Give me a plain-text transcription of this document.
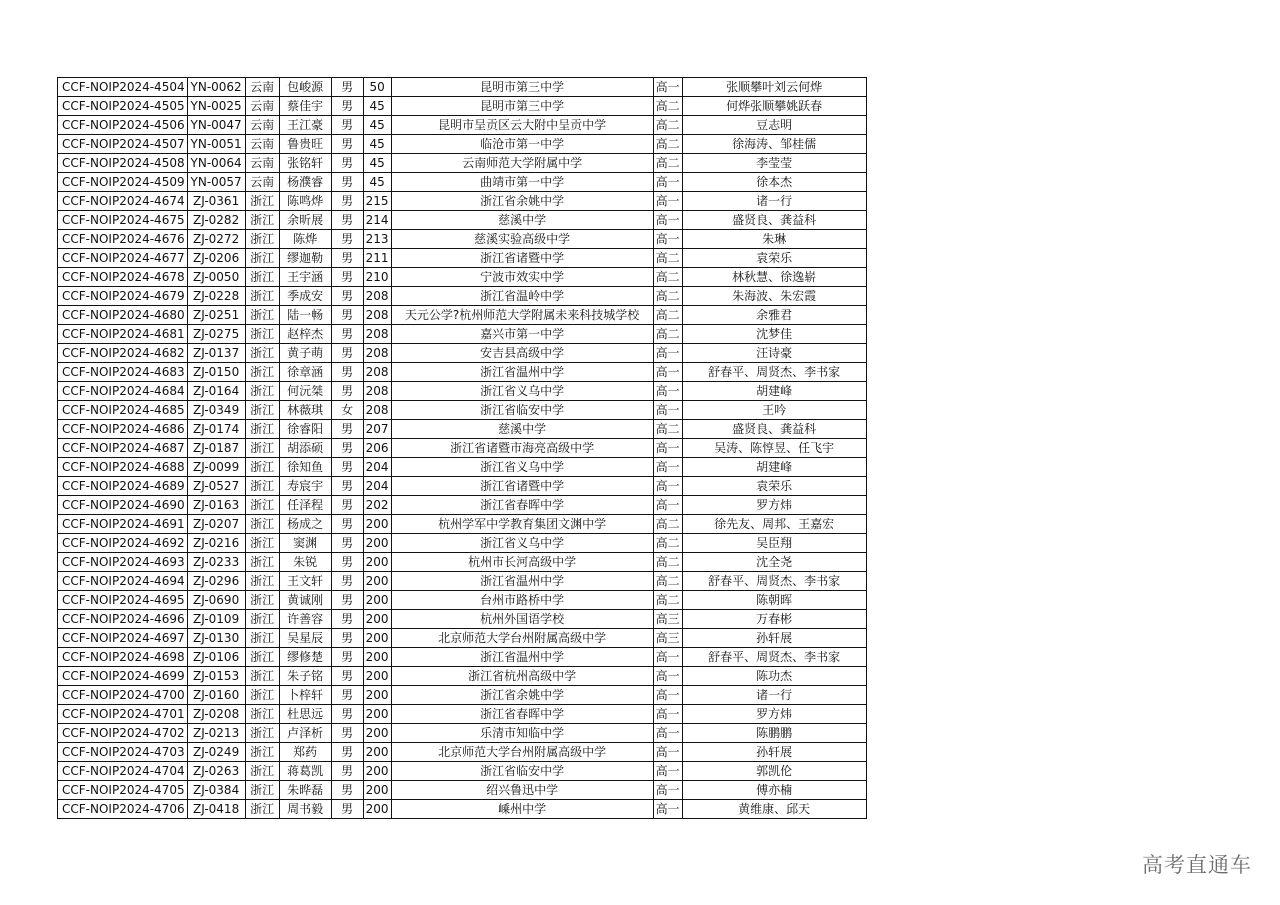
CCF-NOIP2024-4504	YN-0062	云南	包峻源	男	50	昆明市第三中学	高一	张顺攀叶刘云何烨
CCF-NOIP2024-4505	YN-0025	云南	蔡佳宇	男	45	昆明市第三中学	高二	何烨张顺攀姚跃春
CCF-NOIP2024-4506	YN-0047	云南	王江豪	男	45	昆明市呈贡区云大附中呈贡中学	高二	豆志明
CCF-NOIP2024-4507	YN-0051	云南	鲁贵旺	男	45	临沧市第一中学	高二	徐海涛、邹桂儒
CCF-NOIP2024-4508	YN-0064	云南	张铭轩	男	45	云南师范大学附属中学	高二	李莹莹
CCF-NOIP2024-4509	YN-0057	云南	杨濮睿	男	45	曲靖市第一中学	高一	徐本杰
CCF-NOIP2024-4674	ZJ-0361	浙江	陈鸣烨	男	215	浙江省余姚中学	高一	诸一行
CCF-NOIP2024-4675	ZJ-0282	浙江	余昕展	男	214	慈溪中学	高一	盛贤良、龚益科
CCF-NOIP2024-4676	ZJ-0272	浙江	陈烨	男	213	慈溪实验高级中学	高一	朱琳
CCF-NOIP2024-4677	ZJ-0206	浙江	缪迦勒	男	211	浙江省诸暨中学	高二	袁荣乐
CCF-NOIP2024-4678	ZJ-0050	浙江	王宇涵	男	210	宁波市效实中学	高二	林秋慧、徐逸崭
CCF-NOIP2024-4679	ZJ-0228	浙江	季成安	男	208	浙江省温岭中学	高二	朱海波、朱宏霞
CCF-NOIP2024-4680	ZJ-0251	浙江	陆一畅	男	208	天元公学?杭州师范大学附属未来科技城学校	高二	余雅君
CCF-NOIP2024-4681	ZJ-0275	浙江	赵梓杰	男	208	嘉兴市第一中学	高二	沈梦佳
CCF-NOIP2024-4682	ZJ-0137	浙江	黄子萌	男	208	安吉县高级中学	高一	汪诗豪
CCF-NOIP2024-4683	ZJ-0150	浙江	徐章涵	男	208	浙江省温州中学	高一	舒春平、周贤杰、李书家
CCF-NOIP2024-4684	ZJ-0164	浙江	何沅桀	男	208	浙江省义乌中学	高一	胡建峰
CCF-NOIP2024-4685	ZJ-0349	浙江	林薇琪	女	208	浙江省临安中学	高一	王吟
CCF-NOIP2024-4686	ZJ-0174	浙江	徐睿阳	男	207	慈溪中学	高二	盛贤良、龚益科
CCF-NOIP2024-4687	ZJ-0187	浙江	胡添硕	男	206	浙江省诸暨市海亮高级中学	高一	吴涛、陈惇昱、任飞宇
CCF-NOIP2024-4688	ZJ-0099	浙江	徐知鱼	男	204	浙江省义乌中学	高一	胡建峰
CCF-NOIP2024-4689	ZJ-0527	浙江	寿宸宇	男	204	浙江省诸暨中学	高一	袁荣乐
CCF-NOIP2024-4690	ZJ-0163	浙江	任泽程	男	202	浙江省春晖中学	高一	罗方炜
CCF-NOIP2024-4691	ZJ-0207	浙江	杨成之	男	200	杭州学军中学教育集团文渊中学	高二	徐先友、周邦、王嘉宏
CCF-NOIP2024-4692	ZJ-0216	浙江	窦渊	男	200	浙江省义乌中学	高二	吴臣翔
CCF-NOIP2024-4693	ZJ-0233	浙江	朱锐	男	200	杭州市长河高级中学	高二	沈全尧
CCF-NOIP2024-4694	ZJ-0296	浙江	王文轩	男	200	浙江省温州中学	高二	舒春平、周贤杰、李书家
CCF-NOIP2024-4695	ZJ-0690	浙江	黄诚刚	男	200	台州市路桥中学	高二	陈朝晖
CCF-NOIP2024-4696	ZJ-0109	浙江	许善容	男	200	杭州外国语学校	高三	万春彬
CCF-NOIP2024-4697	ZJ-0130	浙江	吴星辰	男	200	北京师范大学台州附属高级中学	高三	孙轩展
CCF-NOIP2024-4698	ZJ-0106	浙江	缪修楚	男	200	浙江省温州中学	高一	舒春平、周贤杰、李书家
CCF-NOIP2024-4699	ZJ-0153	浙江	朱子铭	男	200	浙江省杭州高级中学	高一	陈功杰
CCF-NOIP2024-4700	ZJ-0160	浙江	卜梓轩	男	200	浙江省余姚中学	高一	诸一行
CCF-NOIP2024-4701	ZJ-0208	浙江	杜思远	男	200	浙江省春晖中学	高一	罗方炜
CCF-NOIP2024-4702	ZJ-0213	浙江	卢泽析	男	200	乐清市知临中学	高一	陈鹏鹏
CCF-NOIP2024-4703	ZJ-0249	浙江	郑药	男	200	北京师范大学台州附属高级中学	高一	孙轩展
CCF-NOIP2024-4704	ZJ-0263	浙江	蒋葛凯	男	200	浙江省临安中学	高一	郭凯伦
CCF-NOIP2024-4705	ZJ-0384	浙江	朱晔磊	男	200	绍兴鲁迅中学	高一	傅亦楠
CCF-NOIP2024-4706	ZJ-0418	浙江	周书毅	男	200	嵊州中学	高一	黄维康、邱天
高考直通车
